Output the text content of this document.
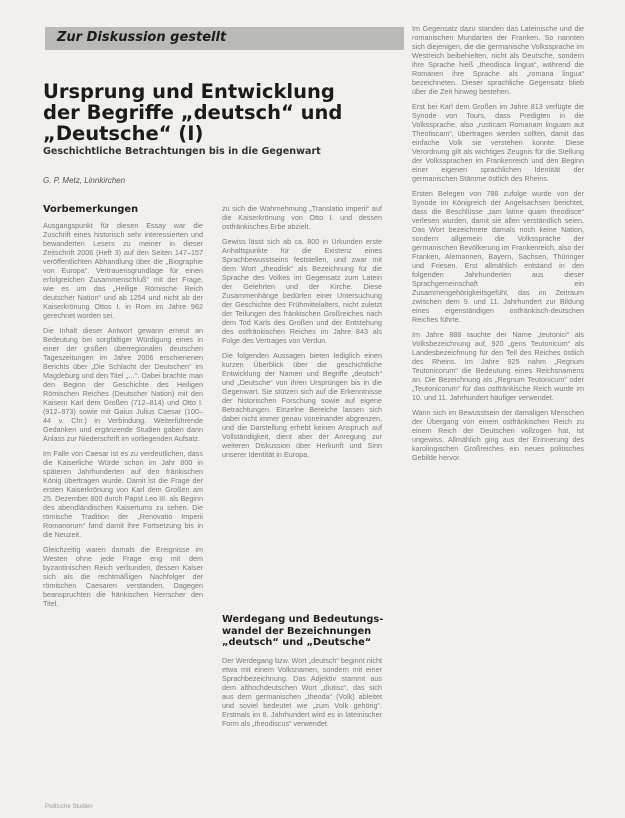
Zur Diskussion gestellt
Ursprung und Entwicklung
der Begriffe „deutsch“ und
„Deutsche“ (I)
Geschichtliche Betrachtungen bis in die Gegenwart
G. P. Metz, Linnkirchen
Vorbemerkungen

Ausgangspunkt für diesen Essay war die Zuschrift eines historisch sehr interessierten und bewanderten Lesers zu meiner in dieser Zeitschrift 2006 (Heft 3) auf den Seiten 147–157 veröffentlichten Abhandlung über die „Biographie von Europa“. Vertrauensgrundlage für einen erfolgreichen Zusammenschluß“ mit der Frage, wie es um das „Heilige Römische Reich deutscher Nation“ und ab 1254 und nicht ab der Kaiserkrönung Ottos I. in Rom im Jahre 962 gerechnet worden sei.

Die Inhalt dieser Antwort gewann erneut an Bedeutung bei sorgfältiger Würdigung eines in einer der großen überregionalen deutschen Tageszeitungen im Jahre 2006 erschienenen Berichts über „Die Schlacht der Deutschen“ im Magdeburg und den Titel „…“. Dabei brachte man den Beginn der Geschichte des Heiligen Römischen Reiches (Deutscher Nation) mit den Kaisern Karl dem Großen (712–814) und Otto I. (912–973) sowie mit Gaius Julius Caesar (100–44 v. Chr.) in Verbindung. Weiterführende Gedanken und ergänzende Studien gaben dann Anlass zur Niederschrift im vorliegenden Aufsatz.

Im Falle von Caesar ist es zu verdeutlichen, dass die Kaiserliche Würde schon im Jahr 800 in späteren Jahrhunderten auf den fränkischen König übertragen wurde. Damit ist die Frage der ersten Kaiserkrönung von Karl dem Großen am 25. Dezember 800 durch Papst Leo III. als Beginn des abendländischen Kaisertums zu sehen. Die römische Tradition der „Renovatio Imperii Romanorum“ fand damit ihre Fortsetzung bis in die Neuzeit.

Gleichzeitig waren damals die Ereignisse im Westen ohne jede Frage eng mit dem byzantinischen Reich verbunden, dessen Kaiser sich als die rechtmäßigen Nachfolger der römischen Caesaren verstanden. Dagegen beanspruchten die fränkischen Herrscher den Titel.

zu sich die Wahrnehmung „Translatio imperii“ auf die Kaiserkrönung von Otto I. und dessen ostfränkisches Erbe abzielt.

Gewiss lässt sich ab ca. 800 in Urkunden erste Anhaltspunkte für die Existenz eines Sprachbewusstseins feststellen, und zwar mit dem Wort „theodisk“ als Bezeichnung für die Sprache des Volkes im Gegensatz zum Latein der Gelehrten und der Kirche. Diese Zusammenhänge bedürfen einer Untersuchung der Geschichte des Frühmittelalters, nicht zuletzt der Teilungen des fränkischen Großreiches nach dem Tod Karls des Großen und der Entstehung des ostfränkischen Reiches im Jahre 843 als Folge des Vertrages von Verdun.

Die folgenden Aussagen bieten lediglich einen kurzen Überblick über die geschichtliche Entwicklung der Namen und Begriffe „deutsch“ und „Deutsche“ von ihren Ursprüngen bis in die Gegenwart. Sie stützen sich auf die Erkenntnisse der historischen Forschung sowie auf eigene Betrachtungen. Einzelne Bereiche lassen sich dabei nicht immer genau voneinander abgrenzen, und die Darstellung erhebt keinen Anspruch auf Vollständigkeit, dient aber der Anregung zur weiteren Diskussion über Herkunft und Sinn unserer Identität in Europa.

Werdegang und Bedeutungs-
wandel der Bezeichnungen
„deutsch“ und „Deutsche“

Der Werdegang bzw. Wort „deutsch“ beginnt nicht etwa mit einem Volksnamen, sondern mit einer Sprachbezeichnung. Das Adjektiv stammt aus dem althochdeutschen Wort „diutisc“, das sich aus dem germanischen „theoda“ (Volk) ableitet und soviel bedeutet wie „zum Volk gehörig“. Erstmals im 8. Jahrhundert wird es in lateinischer Form als „theodiscus“ verwendet.

Im Gegensatz dazu standen das Lateinische und die romanischen Mundarten der Franken. So nannten sich diejenigen, die die germanische Volkssprache im Westreich beibehielten, nicht als Deutsche, sondern ihre Sprache hieß „theodisca lingua“, während die Romanen ihre Sprache als „romana lingua“ bezeichneten. Dieser sprachliche Gegensatz blieb über die Zeit hinweg bestehen.

Erst bei Karl dem Großen im Jahre 813 verfügte die Synode von Tours, dass Predigten in die Volkssprache, also „rusticam Romanam linguam aut Theotiscam“, übertragen werden sollten, damit das einfache Volk sie verstehen konnte. Diese Verordnung gilt als wichtiges Zeugnis für die Stellung der Volkssprachen im Frankenreich und den Beginn einer eigenen sprachlichen Identität der germanischen Stämme östlich des Rheins.

Ersten Belegen von 786 zufolge wurde von der Synode im Königreich der Angelsachsen berichtet, dass die Beschlüsse „tam latine quam theodisce“ verlesen wurden, damit sie allen verständlich seien. Das Wort bezeichnete damals noch keine Nation, sondern allgemein die Volkssprache der germanischen Bevölkerung im Frankenreich, also der Franken, Alemannen, Bayern, Sachsen, Thüringer und Friesen. Erst allmählich entstand in den folgenden Jahrhunderten aus dieser Sprachgemeinschaft ein Zusammengehörigkeitsgefühl, das im Zeitraum zwischen dem 9. und 11. Jahrhundert zur Bildung eines eigenständigen ostfränkisch-deutschen Reiches führte.

Im Jahre 888 tauchte der Name „teutonici“ als Volksbezeichnung auf, 920 „gens Teutonicum“ als Landesbezeichnung für den Teil des Reiches östlich des Rheins. Im Jahre 925 nahm „Regnum Teutonicorum“ die Bedeutung eines Reichsnamens an. Die Bezeichnung als „Regnum Teutonicum“ oder „Teutonicorum“ für das ostfränkische Reich wurde im 10. und 11. Jahrhundert häufiger verwendet.

Wann sich im Bewusstsein der damaligen Menschen der Übergang von einem ostfränkischen Reich zu einem Reich der Deutschen vollzogen hat, ist ungewiss. Allmählich ging aus der Erinnerung des karolingischen Großreiches ein neues politisches Gebilde hervor.

Politische Studien
